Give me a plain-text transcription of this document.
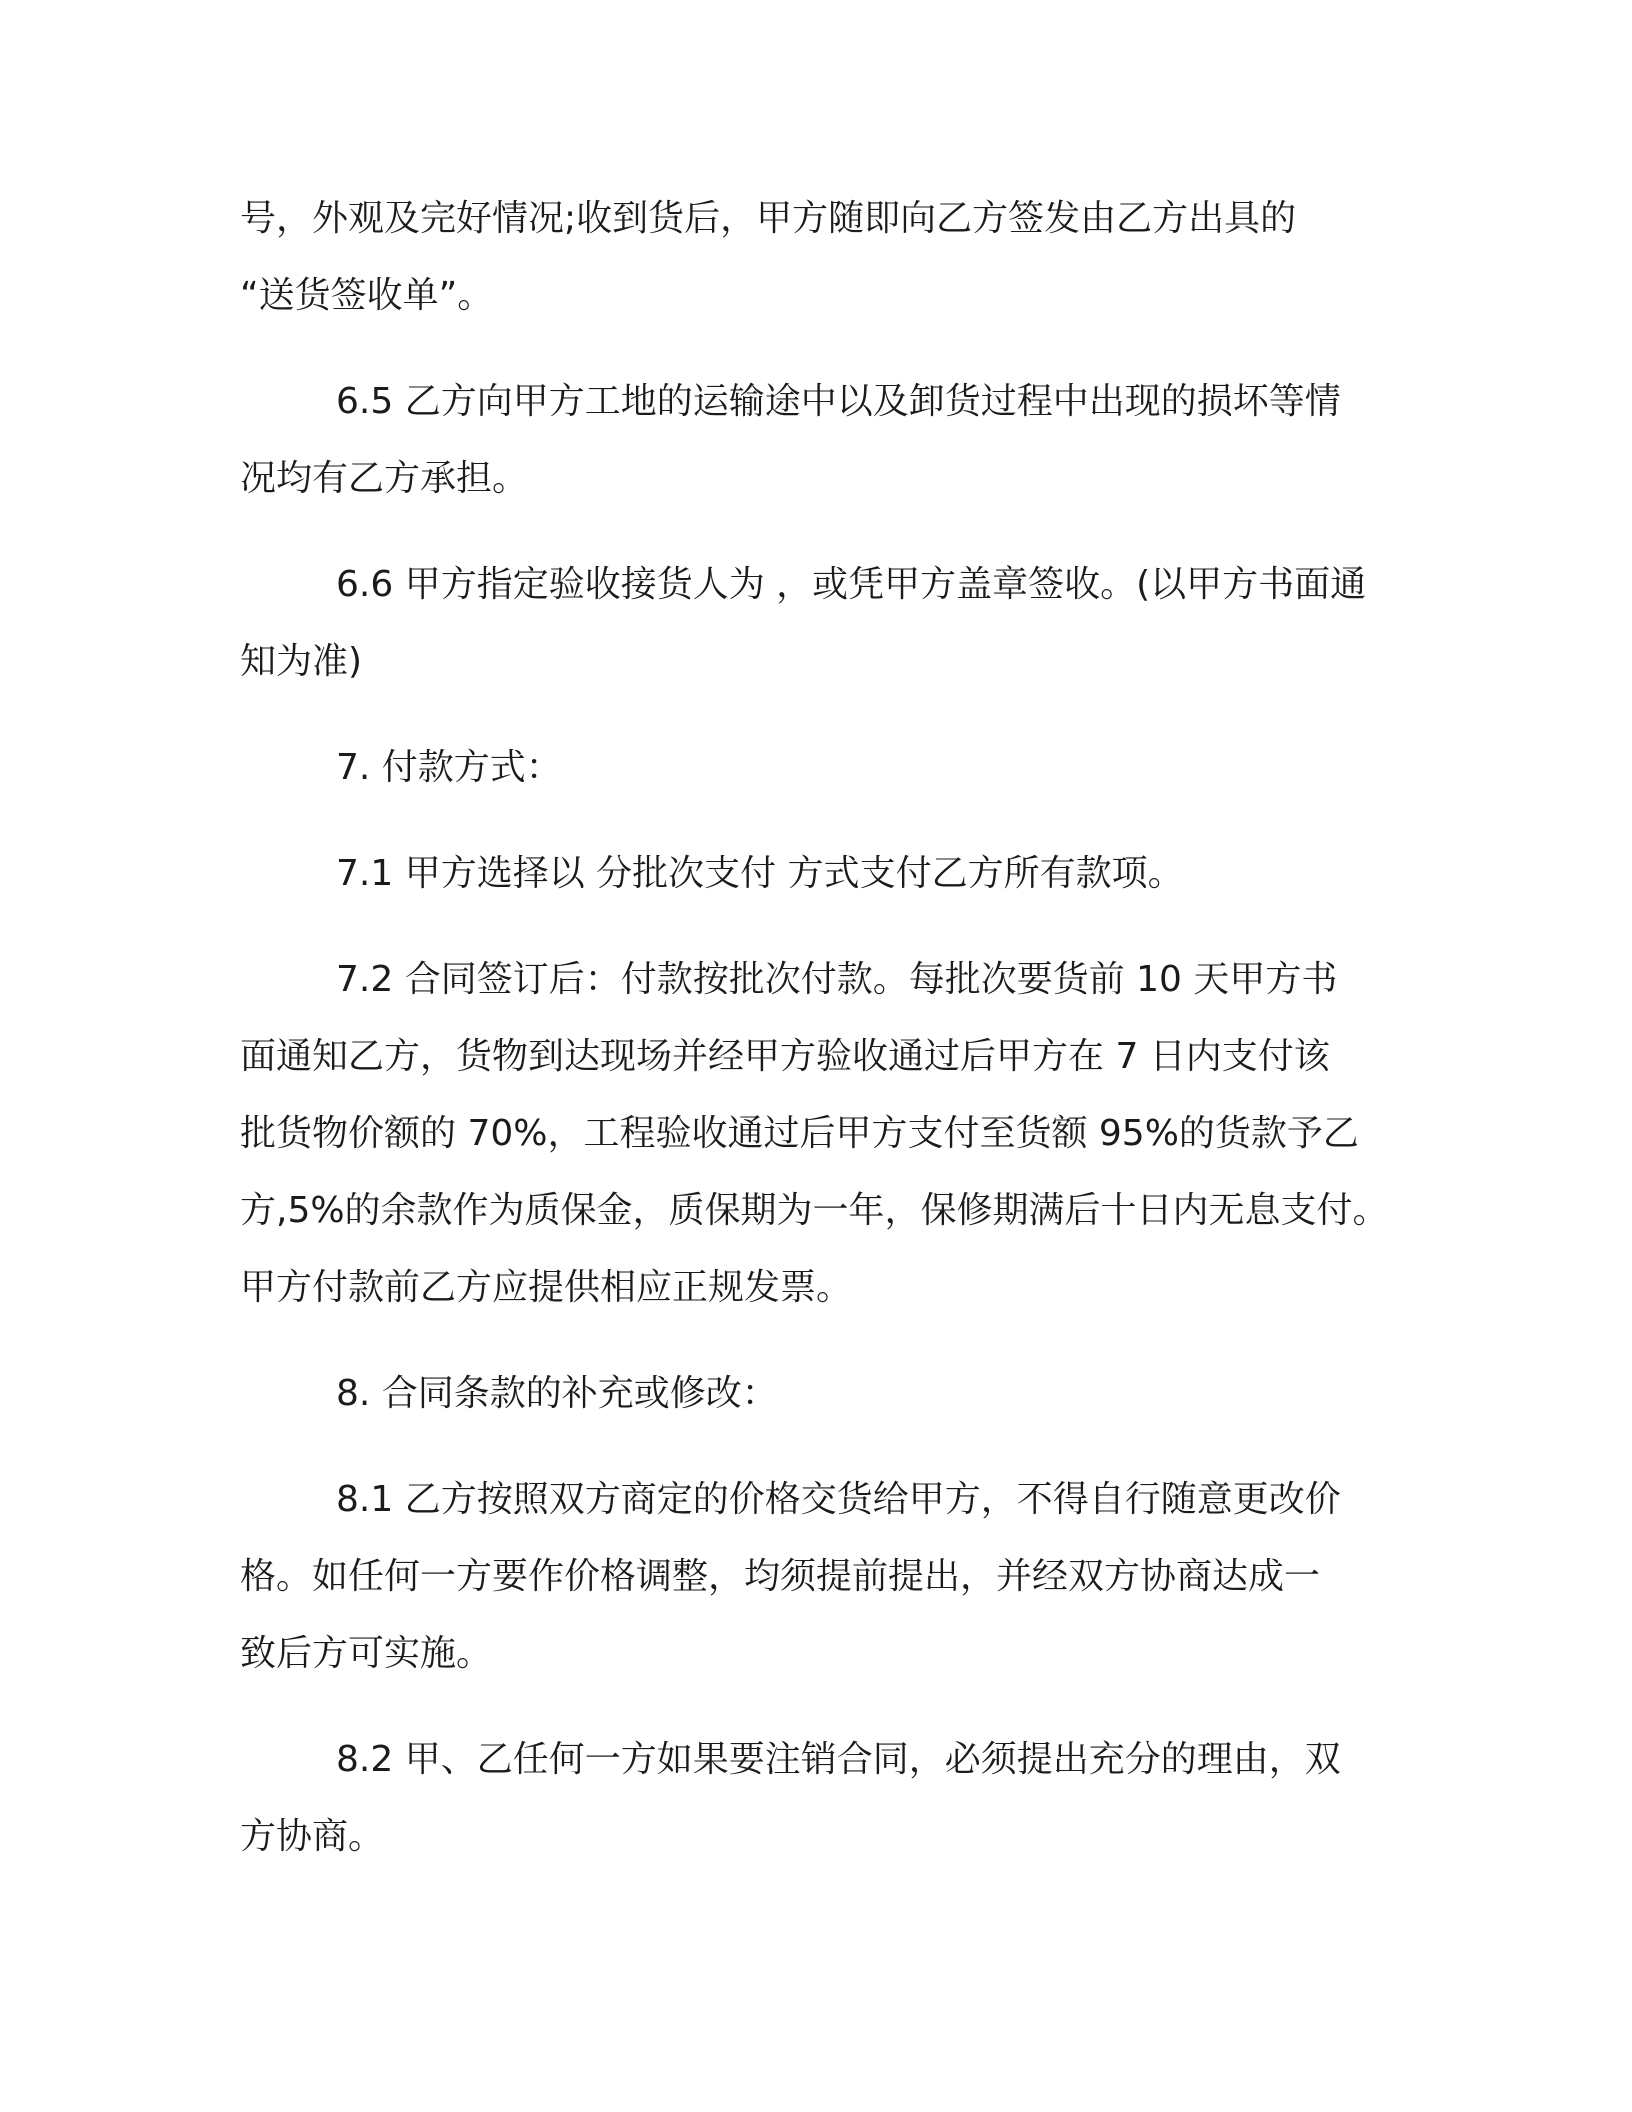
号，外观及完好情况;收到货后，甲方随即向乙方签发由乙方出具的
“送货签收单”。
6.5 乙方向甲方工地的运输途中以及卸货过程中出现的损坏等情
况均有乙方承担。
6.6 甲方指定验收接货人为 ，或凭甲方盖章签收。(以甲方书面通
知为准)
7. 付款方式：
7.1 甲方选择以 分批次支付 方式支付乙方所有款项。
7.2 合同签订后：付款按批次付款。每批次要货前 10 天甲方书
面通知乙方，货物到达现场并经甲方验收通过后甲方在 7 日内支付该
批货物价额的 70%，工程验收通过后甲方支付至货额 95%的货款予乙
方,5%的余款作为质保金，质保期为一年，保修期满后十日内无息支付。
甲方付款前乙方应提供相应正规发票。
8. 合同条款的补充或修改：
8.1 乙方按照双方商定的价格交货给甲方，不得自行随意更改价
格。如任何一方要作价格调整，均须提前提出，并经双方协商达成一
致后方可实施。
8.2 甲、乙任何一方如果要注销合同，必须提出充分的理由，双
方协商。
